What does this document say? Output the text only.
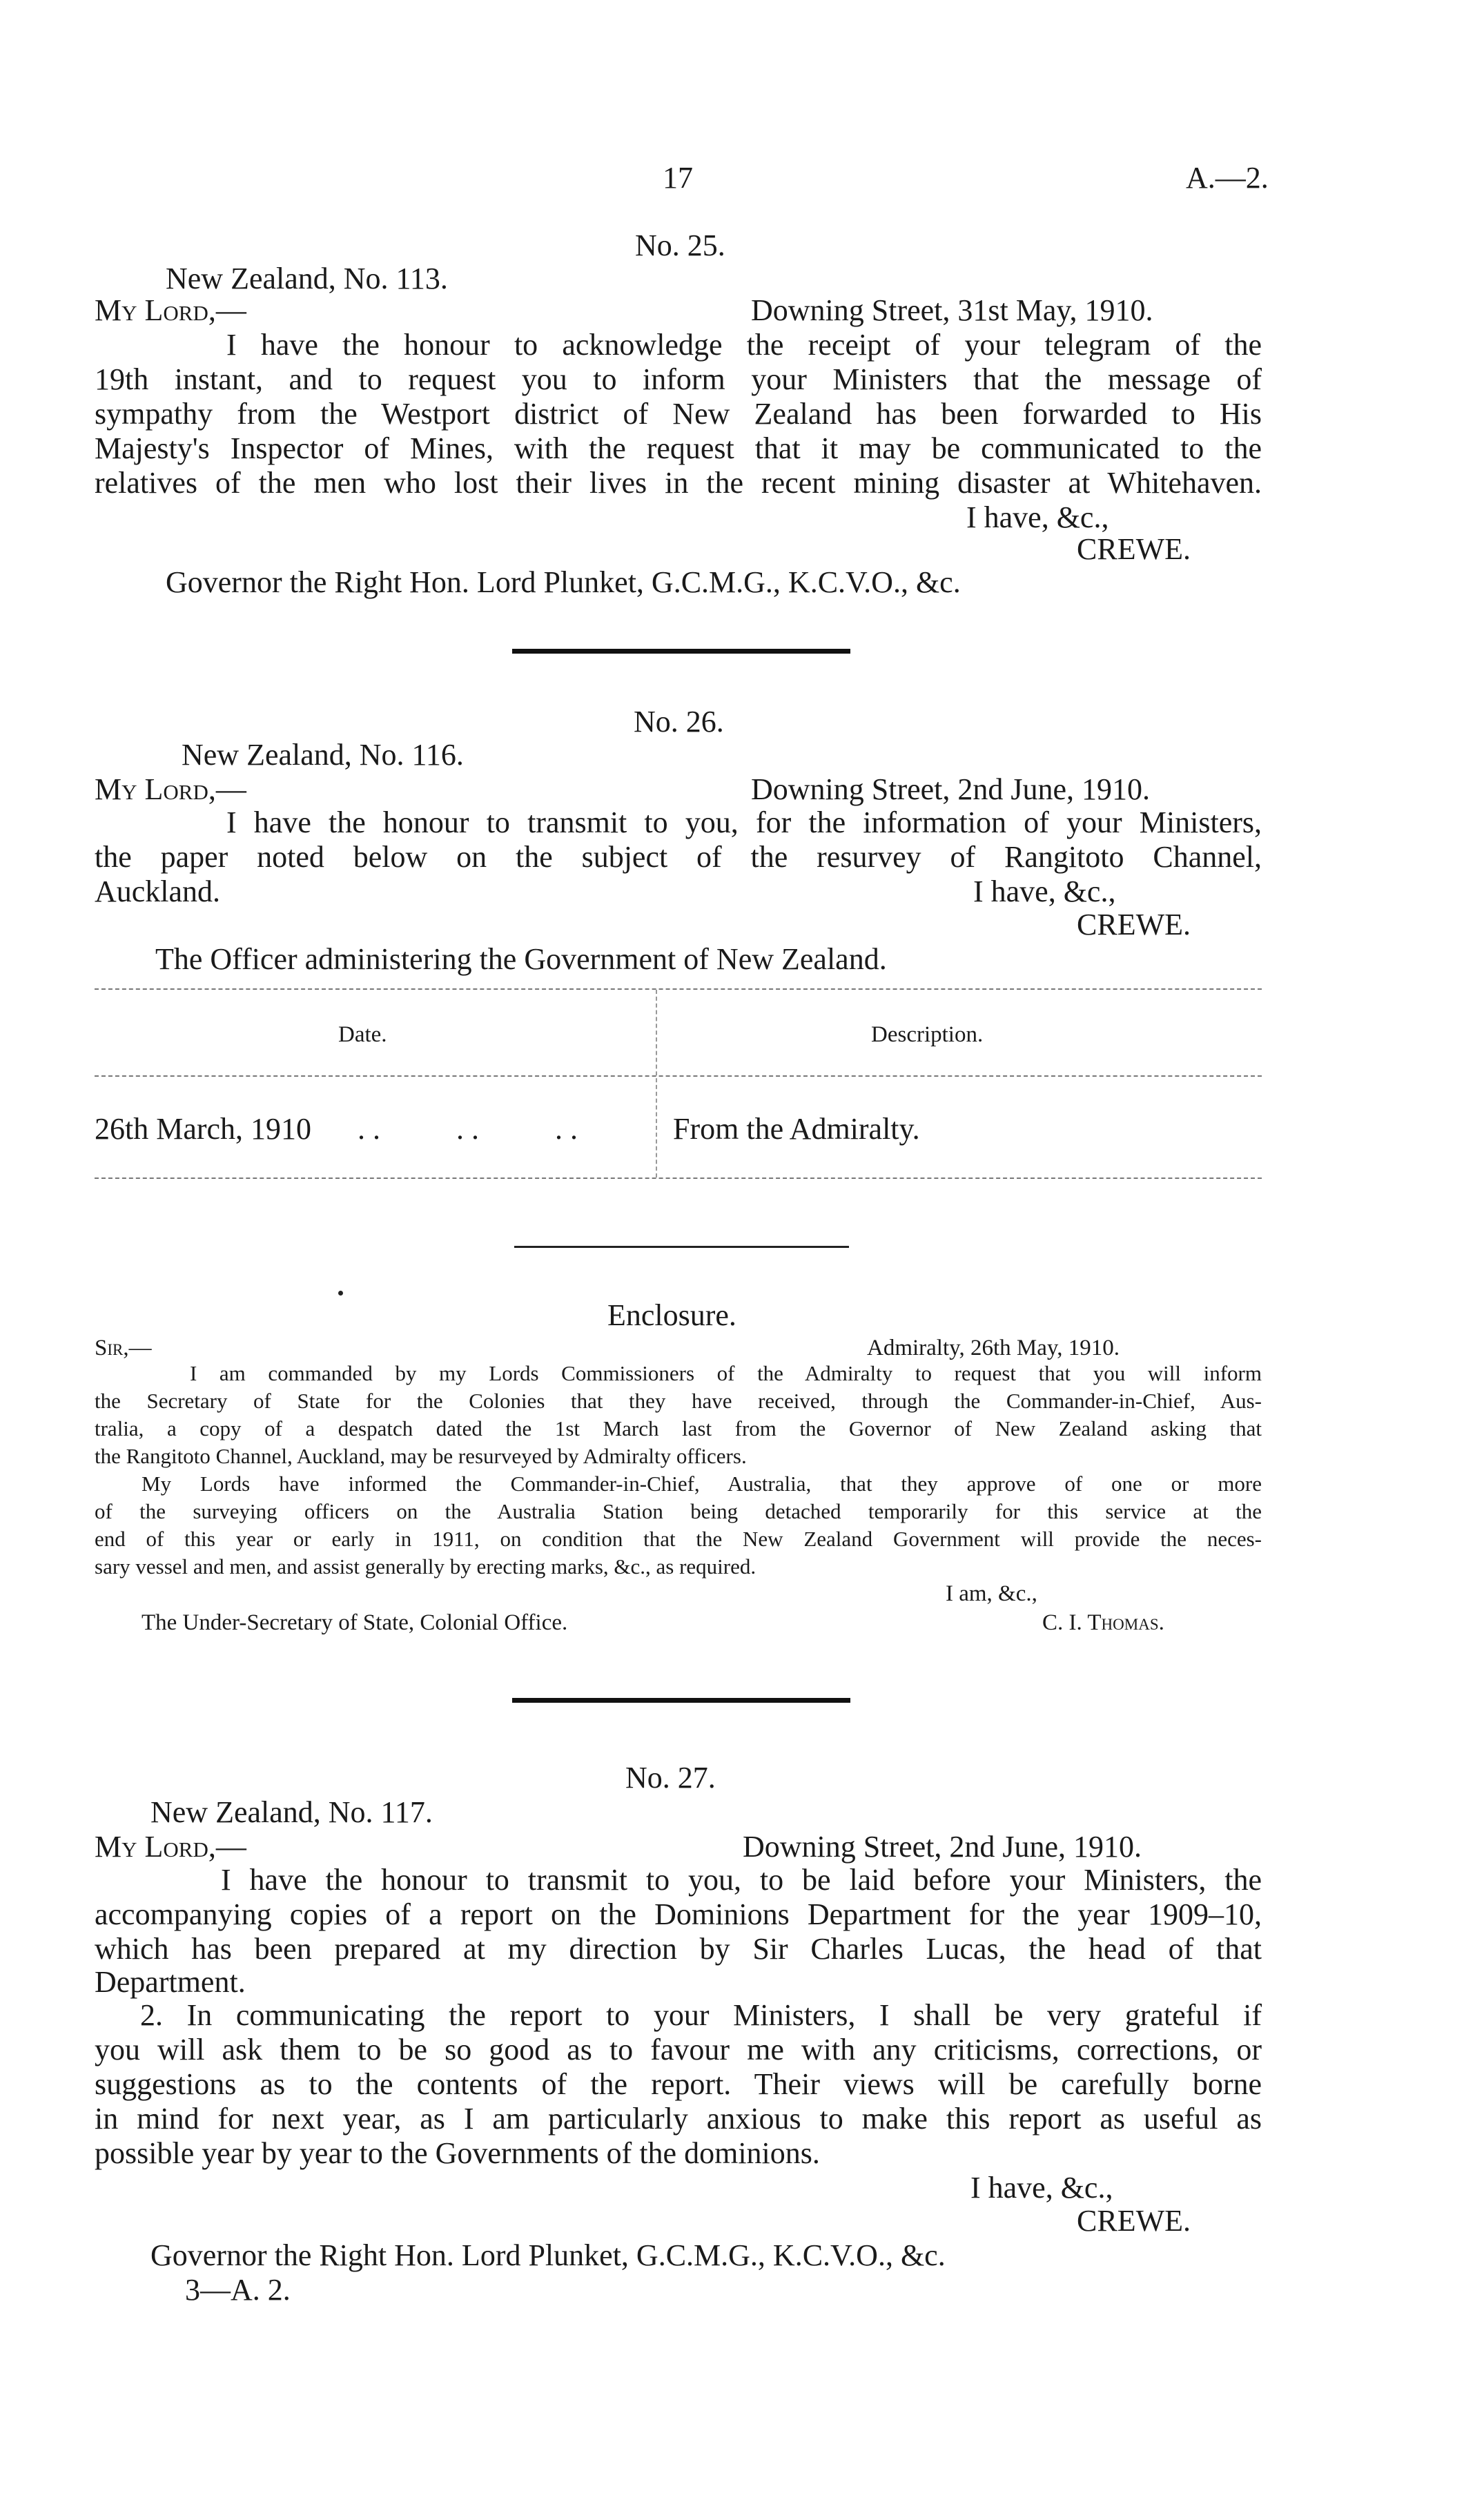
17	A.—2.
No. 25.
New Zealand, No. 113.
My Lord,—	Downing Street, 31st May, 1910.
I have the honour to acknowledge the receipt of your telegram of the
19th instant, and to request you to inform your Ministers that the message of
sympathy from the Westport district of New Zealand has been forwarded to His
Majesty's Inspector of Mines, with the request that it may be communicated to the
relatives of the men who lost their lives in the recent mining disaster at Whitehaven.
I have, &c.,
CREWE.
Governor the Right Hon. Lord Plunket, G.C.M.G., K.C.V.O., &c.
No. 26.
New Zealand, No. 116.
My Lord,—	Downing Street, 2nd June, 1910.
I have the honour to transmit to you, for the information of your Ministers,
the paper noted below on the subject of the resurvey of Rangitoto Channel,
Auckland.	I have, &c.,
CREWE.
The Officer administering the Government of New Zealand.
Date.	Description.
26th March, 1910 . .          . .          . .	From the Admiralty.
Enclosure.
Sir,—	Admiralty, 26th May, 1910.
I am commanded by my Lords Commissioners of the Admiralty to request that you will inform
the Secretary of State for the Colonies that they have received, through the Commander-in-Chief, Aus-
tralia, a copy of a despatch dated the 1st March last from the Governor of New Zealand asking that
the Rangitoto Channel, Auckland, may be resurveyed by Admiralty officers.
My Lords have informed the Commander-in-Chief, Australia, that they approve of one or more
of the surveying officers on the Australia Station being detached temporarily for this service at the
end of this year or early in 1911, on condition that the New Zealand Government will provide the neces-
sary vessel and men, and assist generally by erecting marks, &c., as required.
I am, &c.,
The Under-Secretary of State, Colonial Office.	C. I. Thomas.
No. 27.
New Zealand, No. 117.
My Lord,—	Downing Street, 2nd June, 1910.
I have the honour to transmit to you, to be laid before your Ministers, the
accompanying copies of a report on the Dominions Department for the year 1909–10,
which has been prepared at my direction by Sir Charles Lucas, the head of that
Department.
2. In communicating the report to your Ministers, I shall be very grateful if
you will ask them to be so good as to favour me with any criticisms, corrections, or
suggestions as to the contents of the report. Their views will be carefully borne
in mind for next year, as I am particularly anxious to make this report as useful as
possible year by year to the Governments of the dominions.
I have, &c.,
CREWE.
Governor the Right Hon. Lord Plunket, G.C.M.G., K.C.V.O., &c.
3—A. 2.
